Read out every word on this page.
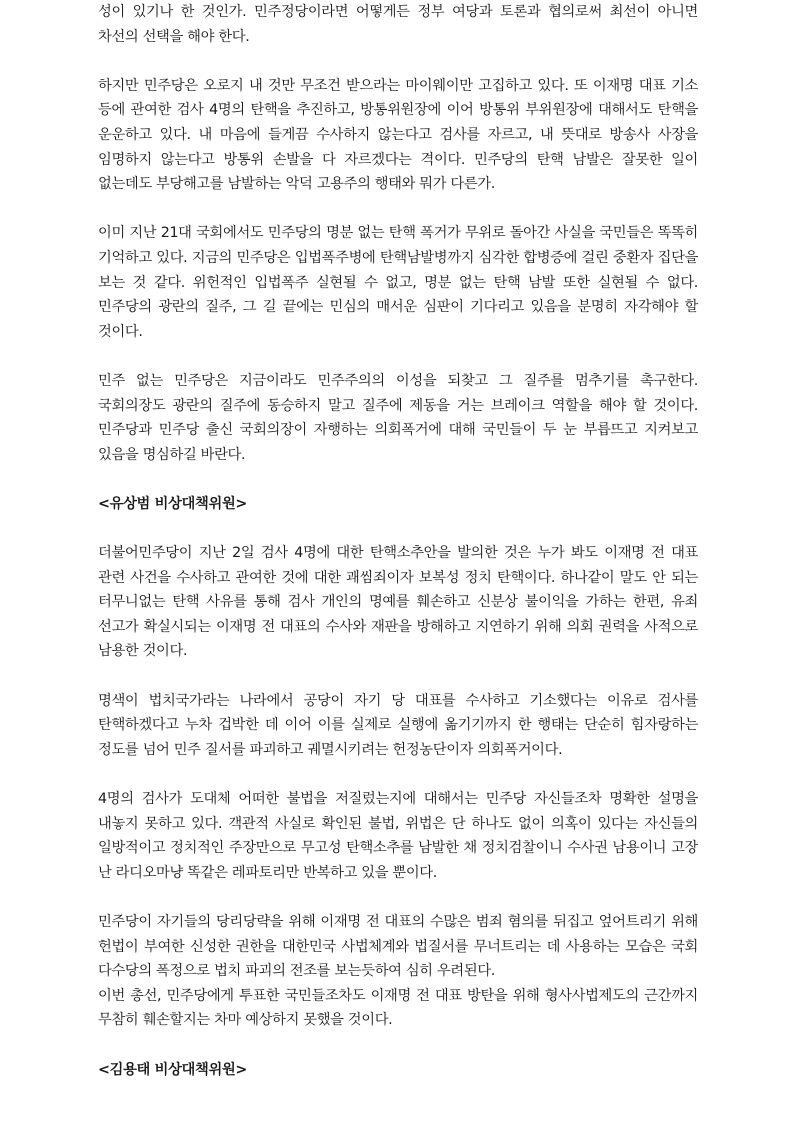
성이 있기나 한 것인가. 민주정당이라면 어떻게든 정부 여당과 토론과 협의로써 최선이 아니면 차선의 선택을 해야 한다.

하지만 민주당은 오로지 내 것만 무조건 받으라는 마이웨이만 고집하고 있다. 또 이재명 대표 기소 등에 관여한 검사 4명의 탄핵을 추진하고, 방통위원장에 이어 방통위 부위원장에 대해서도 탄핵을 운운하고 있다. 내 마음에 들게끔 수사하지 않는다고 검사를 자르고, 내 뜻대로 방송사 사장을 임명하지 않는다고 방통위 손발을 다 자르겠다는 격이다. 민주당의 탄핵 남발은 잘못한 일이 없는데도 부당해고를 남발하는 악덕 고용주의 행태와 뭐가 다른가.

이미 지난 21대 국회에서도 민주당의 명분 없는 탄핵 폭거가 무위로 돌아간 사실을 국민들은 똑똑히 기억하고 있다. 지금의 민주당은 입법폭주병에 탄핵남발병까지 심각한 합병증에 걸린 중환자 집단을 보는 것 같다. 위헌적인 입법폭주 실현될 수 없고, 명분 없는 탄핵 남발 또한 실현될 수 없다. 민주당의 광란의 질주, 그 길 끝에는 민심의 매서운 심판이 기다리고 있음을 분명히 자각해야 할 것이다.

민주 없는 민주당은 지금이라도 민주주의의 이성을 되찾고 그 질주를 멈추기를 촉구한다. 국회의장도 광란의 질주에 동승하지 말고 질주에 제동을 거는 브레이크 역할을 해야 할 것이다. 민주당과 민주당 출신 국회의장이 자행하는 의회폭거에 대해 국민들이 두 눈 부릅뜨고 지켜보고 있음을 명심하길 바란다.

<유상범 비상대책위원>

더불어민주당이 지난 2일 검사 4명에 대한 탄핵소추안을 발의한 것은 누가 봐도 이재명 전 대표 관련 사건을 수사하고 관여한 것에 대한 괘씸죄이자 보복성 정치 탄핵이다. 하나같이 말도 안 되는 터무니없는 탄핵 사유를 통해 검사 개인의 명예를 훼손하고 신분상 불이익을 가하는 한편, 유죄 선고가 확실시되는 이재명 전 대표의 수사와 재판을 방해하고 지연하기 위해 의회 권력을 사적으로 남용한 것이다.

명색이 법치국가라는 나라에서 공당이 자기 당 대표를 수사하고 기소했다는 이유로 검사를 탄핵하겠다고 누차 겁박한 데 이어 이를 실제로 실행에 옮기기까지 한 행태는 단순히 힘자랑하는 정도를 넘어 민주 질서를 파괴하고 궤멸시키려는 헌정농단이자 의회폭거이다.

4명의 검사가 도대체 어떠한 불법을 저질렀는지에 대해서는 민주당 자신들조차 명확한 설명을 내놓지 못하고 있다. 객관적 사실로 확인된 불법, 위법은 단 하나도 없이 의혹이 있다는 자신들의 일방적이고 정치적인 주장만으로 무고성 탄핵소추를 남발한 채 정치검찰이니 수사권 남용이니 고장 난 라디오마냥 똑같은 레파토리만 반복하고 있을 뿐이다.

민주당이 자기들의 당리당략을 위해 이재명 전 대표의 수많은 범죄 혐의를 뒤집고 엎어트리기 위해 헌법이 부여한 신성한 권한을 대한민국 사법체계와 법질서를 무너트리는 데 사용하는 모습은 국회 다수당의 폭정으로 법치 파괴의 전조를 보는듯하여 심히 우려된다.
이번 총선, 민주당에게 투표한 국민들조차도 이재명 전 대표 방탄을 위해 형사사법제도의 근간까지 무참히 훼손할지는 차마 예상하지 못했을 것이다.

<김용태 비상대책위원>
